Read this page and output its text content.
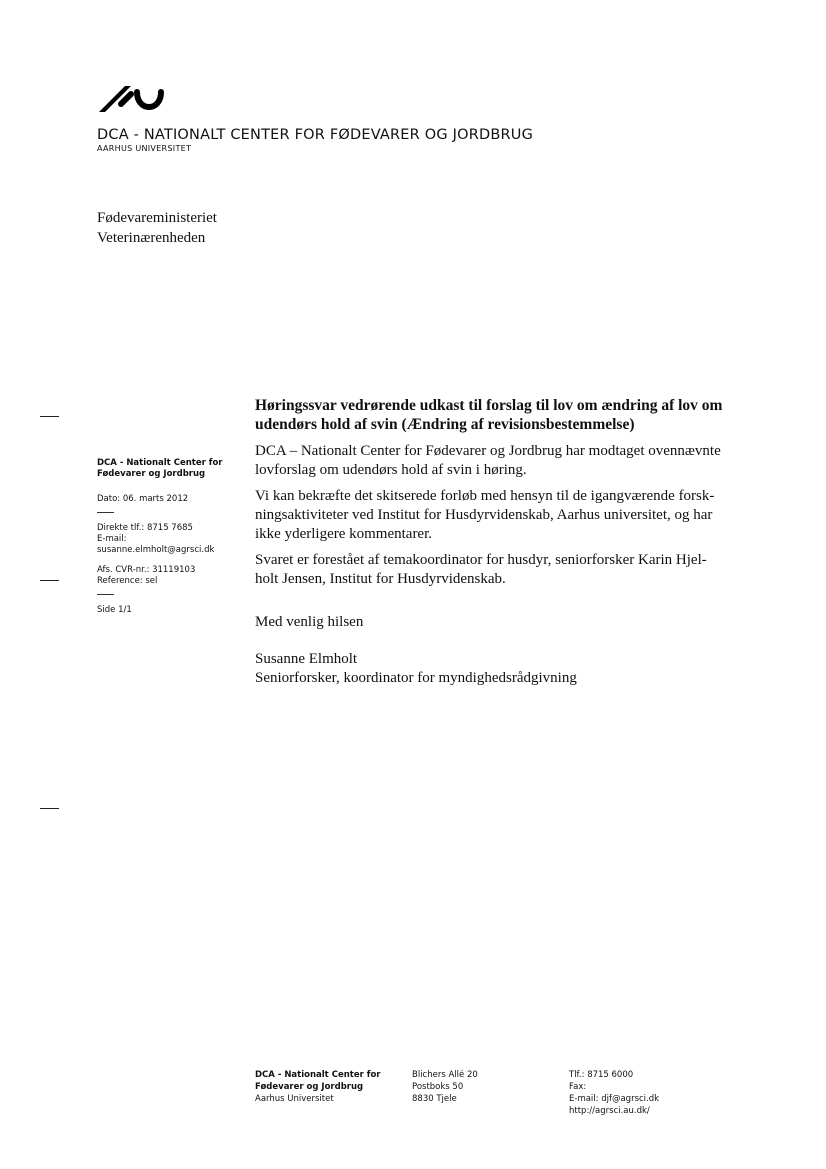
DCA - NATIONALT CENTER FOR FØDEVARER OG JORDBRUG
AARHUS UNIVERSITET
Fødevareministeriet
Veterinærenheden
Høringssvar vedrørende udkast til forslag til lov om ændring af lov om
udendørs hold af svin (Ændring af revisionsbestemmelse)

DCA – Nationalt Center for Fødevarer og Jordbrug har modtaget ovennævnte
lovforslag om udendørs hold af svin i høring.

Vi kan bekræfte det skitserede forløb med hensyn til de igangværende forsk-
ningsaktiviteter ved Institut for Husdyrvidenskab, Aarhus universitet, og har
ikke yderligere kommentarer.

Svaret er forestået af temakoordinator for husdyr, seniorforsker Karin Hjel-
holt Jensen, Institut for Husdyrvidenskab.

Med venlig hilsen
Susanne Elmholt
Seniorforsker, koordinator for myndighedsrådgivning
DCA - Nationalt Center for
Fødevarer og Jordbrug
Dato: 06. marts 2012
Direkte tlf.: 8715 7685
E-mail:
susanne.elmholt@agrsci.dk
Afs. CVR-nr.: 31119103
Reference: sel
Side 1/1
DCA - Nationalt Center for
Fødevarer og Jordbrug
Aarhus Universitet
Blichers Allé 20
Postboks 50
8830 Tjele
Tlf.: 8715 6000
Fax:
E-mail: djf@agrsci.dk
http://agrsci.au.dk/
